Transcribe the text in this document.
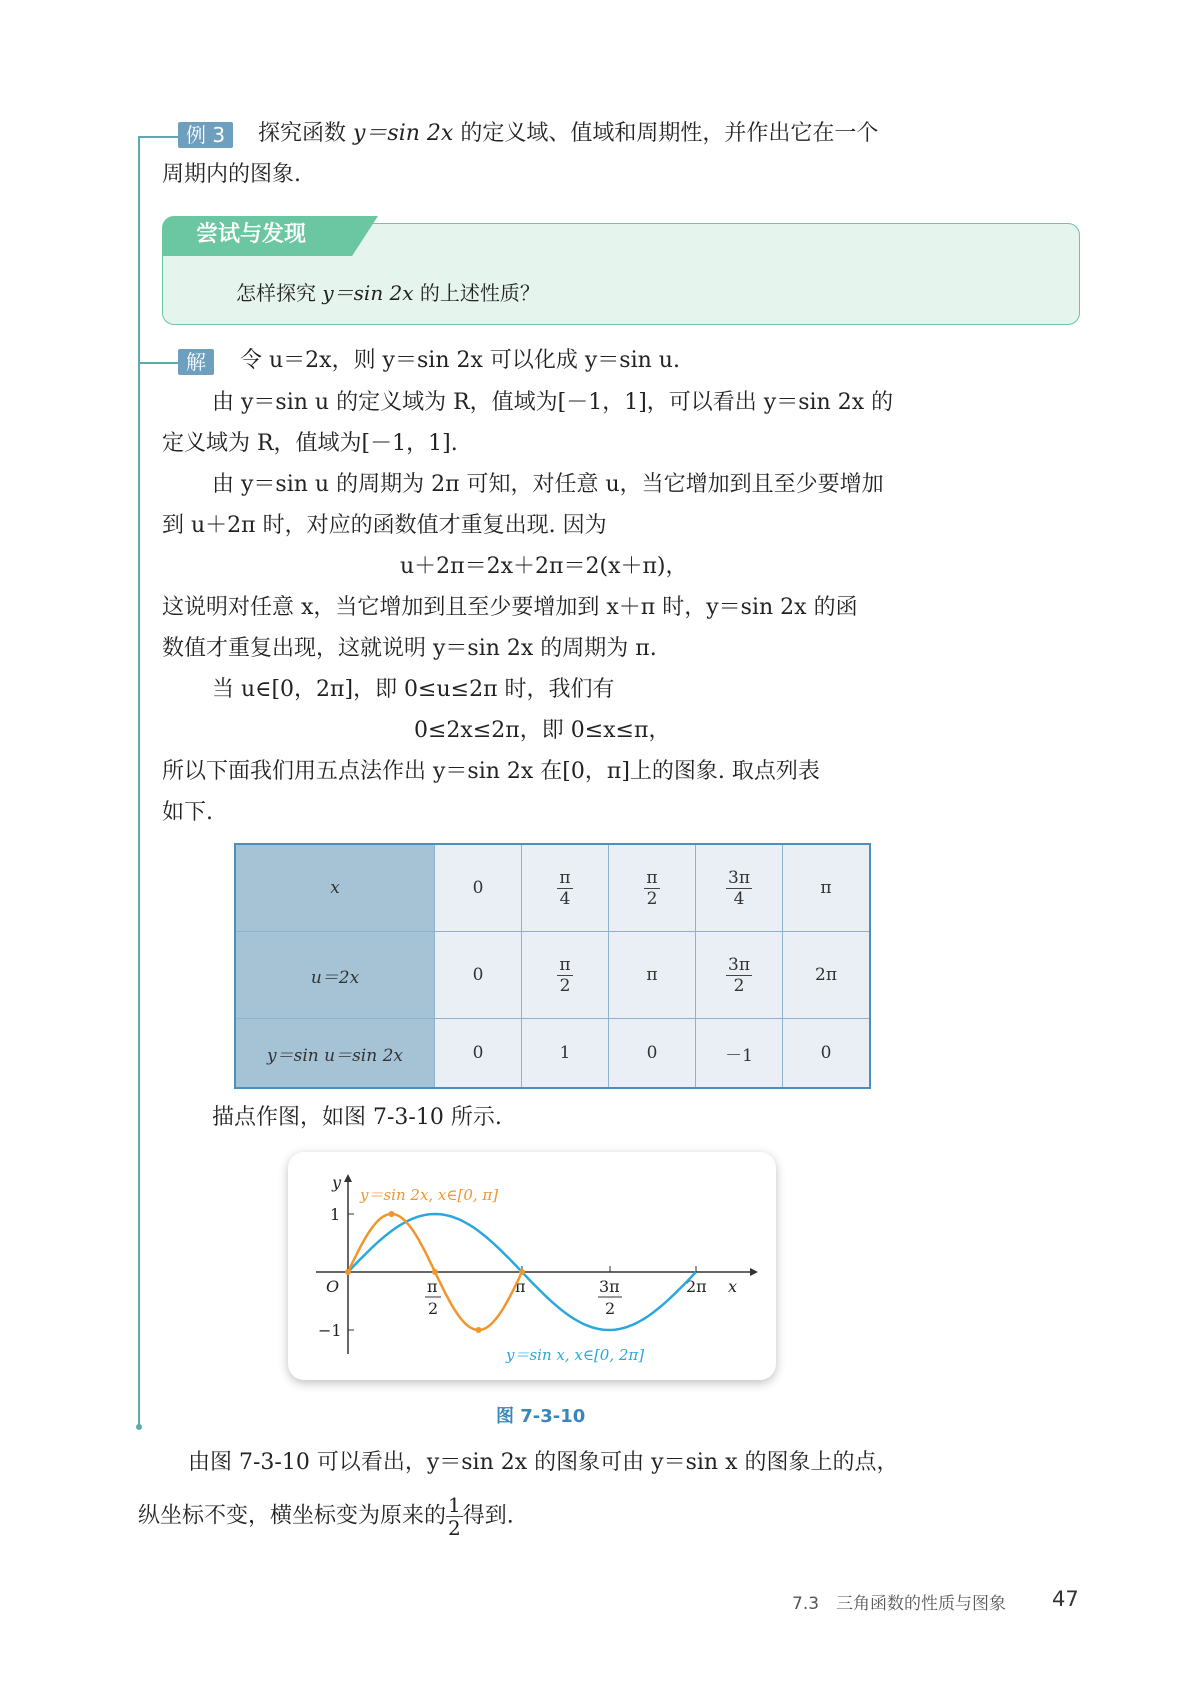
例 3	探究函数 y＝sin 2x 的定义域、值域和周期性，并作出它在一个
周期内的图象.
尝试与发现
怎样探究 y＝sin 2x 的上述性质？
解	令 u＝2x，则 y＝sin 2x 可以化成 y＝sin u.
由 y＝sin u 的定义域为 R，值域为[－1，1]，可以看出 y＝sin 2x 的
定义域为 R，值域为[－1，1].
由 y＝sin u 的周期为 2π 可知，对任意 u，当它增加到且至少要增加
到 u＋2π 时，对应的函数值才重复出现. 因为
u＋2π＝2x＋2π＝2(x＋π)，
这说明对任意 x，当它增加到且至少要增加到 x＋π 时，y＝sin 2x 的函
数值才重复出现，这就说明 y＝sin 2x 的周期为 π.
当 u∈[0，2π]，即 0≤u≤2π 时，我们有
0≤2x≤2π，即 0≤x≤π，
所以下面我们用五点法作出 y＝sin 2x 在[0，π]上的图象. 取点列表
如下.
x	0	$\frac{\pi}{4}$	$\frac{\pi}{2}$	$\frac{3\pi}{4}$	π
u＝2x	0	$\frac{\pi}{2}$	π	$\frac{3\pi}{2}$	2π
y＝sin u＝sin 2x	0	1	0	－1	0
描点作图，如图 7-3-10 所示.
y
x
O
1
−1
π
2
π	3π
2
2π
y＝sin 2x, x∈[0, π]
y＝sin x, x∈[0, 2π]
图 7-3-10
由图 7-3-10 可以看出，y＝sin 2x 的图象可由 y＝sin x 的图象上的点，
纵坐标不变，横坐标变为原来的 $\frac{1}{2}$ 得到.
7.3　三角函数的性质与图象 47
